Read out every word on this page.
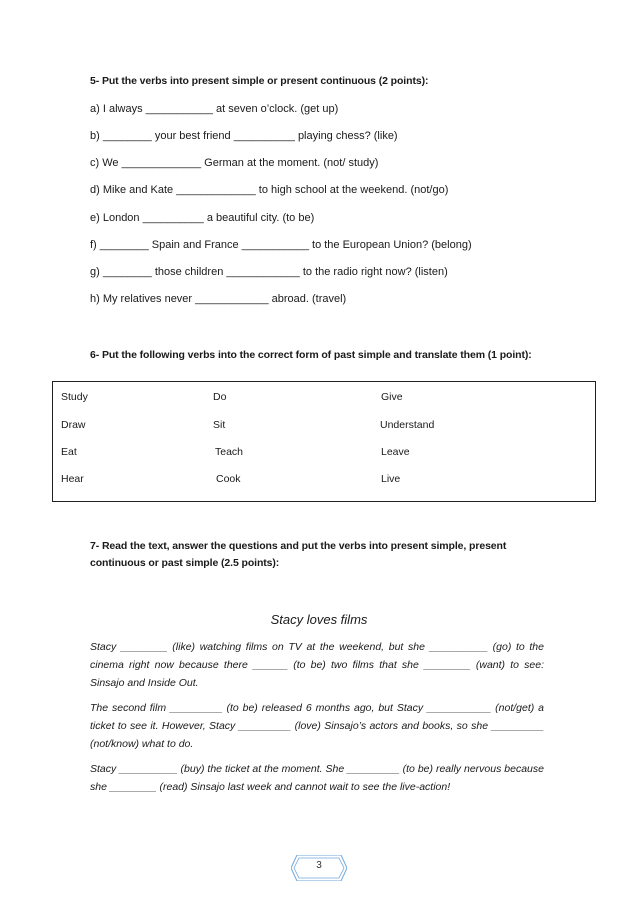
5- Put the verbs into present simple or present continuous (2 points):
a) I always ___________ at seven o’clock. (get up)
b) ________ your best friend __________ playing chess? (like)
c) We _____________ German at the moment. (not/ study)
d) Mike and Kate _____________ to high school at the weekend. (not/go)
e) London __________ a beautiful city. (to be)
f) ________ Spain and France ___________ to the European Union? (belong)
g) ________ those children ____________ to the radio right now? (listen)
h) My relatives never ____________ abroad. (travel)
6- Put the following verbs into the correct form of past simple and translate them (1 point):
Study	Do	Give
Draw	Sit	Understand
Eat	Teach	Leave
Hear	Cook	Live
7- Read the text, answer the questions and put the verbs into present simple, present
continuous or past simple (2.5 points):
Stacy loves films
Stacy ________ (like) watching films on TV at the weekend, but she __________ (go) to the cinema right now because there ______ (to be) two films that she ________ (want) to see: Sinsajo and Inside Out.
The second film _________ (to be) released 6 months ago, but Stacy ___________ (not/get) a ticket to see it. However, Stacy _________ (love) Sinsajo’s actors and books, so she _________ (not/know) what to do.
Stacy __________ (buy) the ticket at the moment. She _________ (to be) really nervous because she ________ (read) Sinsajo last week and cannot wait to see the live-action!
3
